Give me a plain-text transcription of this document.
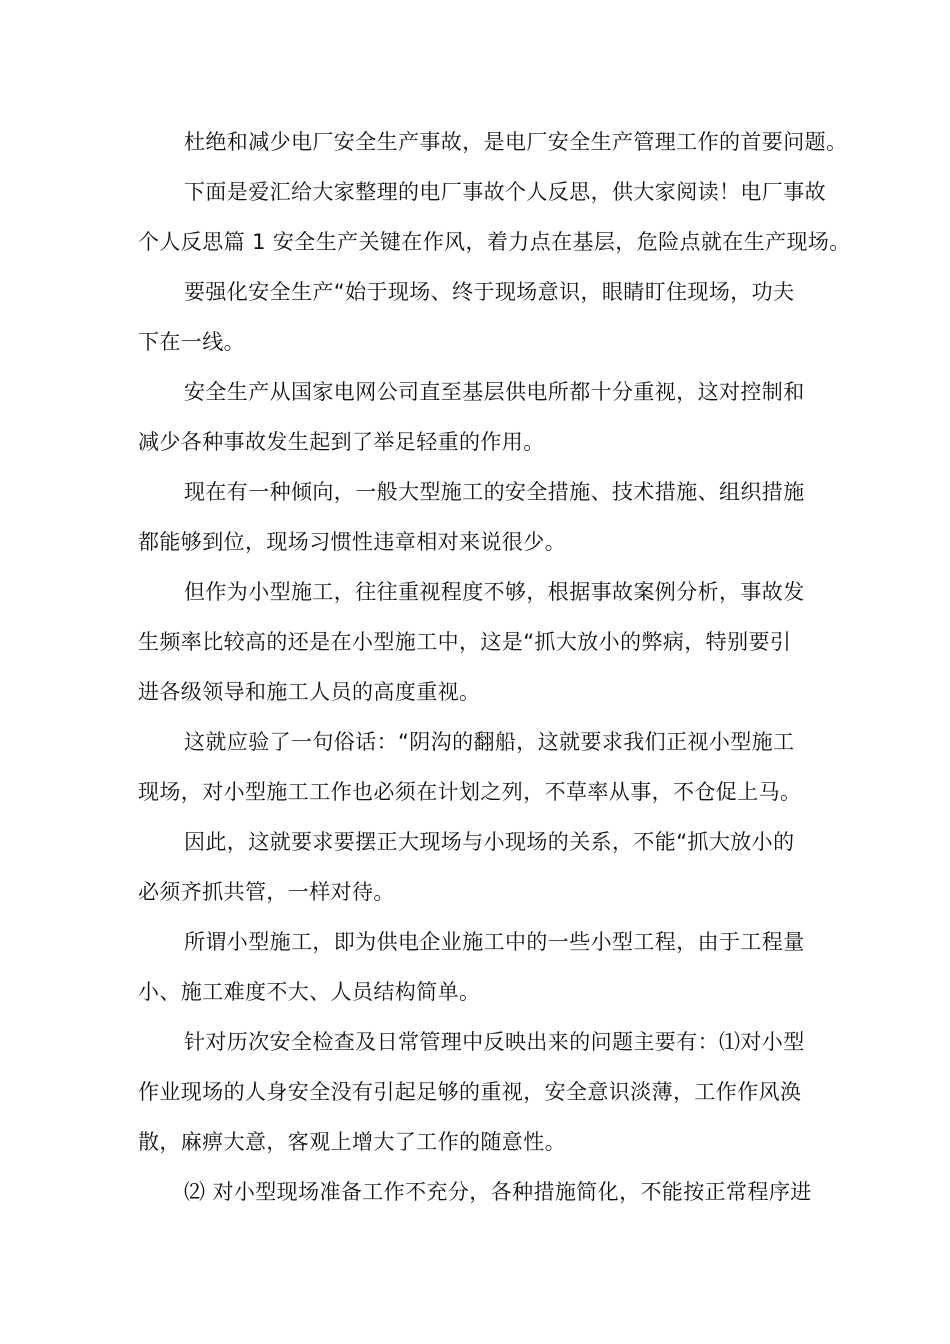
杜绝和减少电厂安全生产事故，是电厂安全生产管理工作的首要问题。
下面是爱汇给大家整理的电厂事故个人反思，供大家阅读！电厂事故
个人反思篇 1 安全生产关键在作风，着力点在基层，危险点就在生产现场。
要强化安全生产“始于现场、终于现场意识，眼睛盯住现场，功夫
下在一线。
安全生产从国家电网公司直至基层供电所都十分重视，这对控制和
减少各种事故发生起到了举足轻重的作用。
现在有一种倾向，一般大型施工的安全措施、技术措施、组织措施
都能够到位，现场习惯性违章相对来说很少。
但作为小型施工，往往重视程度不够，根据事故案例分析，事故发
生频率比较高的还是在小型施工中，这是“抓大放小的弊病，特别要引
进各级领导和施工人员的高度重视。
这就应验了一句俗话：“阴沟的翻船，这就要求我们正视小型施工
现场，对小型施工工作也必须在计划之列，不草率从事，不仓促上马。
因此，这就要求要摆正大现场与小现场的关系，不能“抓大放小的
必须齐抓共管，一样对待。
所谓小型施工，即为供电企业施工中的一些小型工程，由于工程量
小、施工难度不大、人员结构简单。
针对历次安全检查及日常管理中反映出来的问题主要有：⑴对小型
作业现场的人身安全没有引起足够的重视，安全意识淡薄，工作作风涣
散，麻痹大意，客观上增大了工作的随意性。
⑵ 对小型现场准备工作不充分，各种措施简化，不能按正常程序进
